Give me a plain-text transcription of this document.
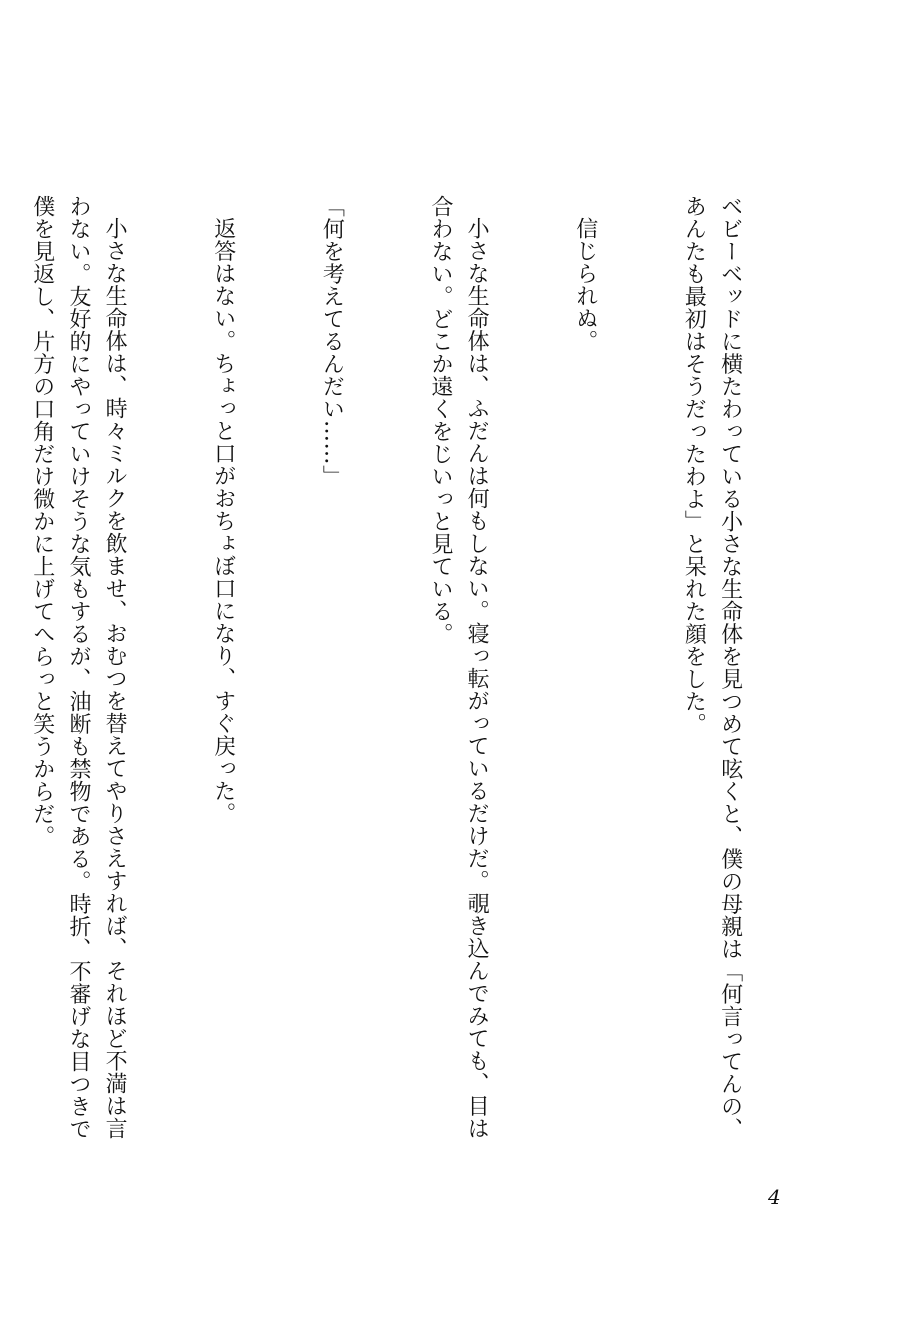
ベビーベッドに横たわっている小さな生命体を見つめて呟くと、僕の母親は「何言ってんの、あんたも最初はそうだったわよ」と呆れた顔をした。

信じられぬ。

小さな生命体は、ふだんは何もしない。寝っ転がっているだけだ。覗き込んでみても、目は合わない。どこか遠くをじいっと見ている。

「何を考えてるんだい……」

返答はない。ちょっと口がおちょぼ口になり、すぐ戻った。

小さな生命体は、時々ミルクを飲ませ、おむつを替えてやりさえすれば、それほど不満は言わない。友好的にやっていけそうな気もするが、油断も禁物である。時折、不審げな目つきで僕を見返し、片方の口角だけ微かに上げてへらっと笑うからだ。

4
